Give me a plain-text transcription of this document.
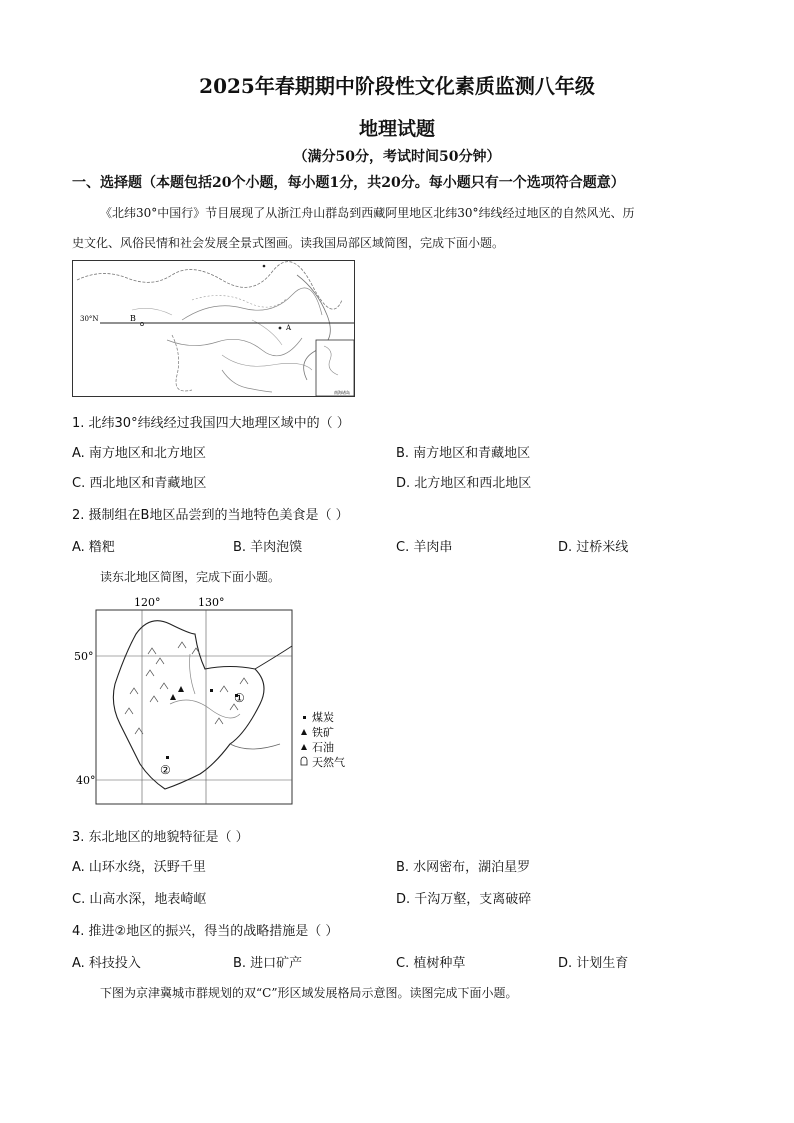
2025年春期期中阶段性文化素质监测八年级
地理试题
（满分50分，考试时间50分钟）
一、选择题（本题包括20个小题，每小题1分，共20分。每小题只有一个选项符合题意）
《北纬30°中国行》节目展现了从浙江舟山群岛到西藏阿里地区北纬30°纬线经过地区的自然风光、历
史文化、风俗民情和社会发展全景式图画。读我国局部区域简图，完成下面小题。
30°N	B
A
南海诸岛
1. 北纬30°纬线经过我国四大地理区域中的（ ）
A. 南方地区和北方地区	B. 南方地区和青藏地区
C. 西北地区和青藏地区	D. 北方地区和西北地区
2. 摄制组在B地区品尝到的当地特色美食是（ ）
A. 糌粑	B. 羊肉泡馍	C. 羊肉串	D. 过桥米线
读东北地区简图，完成下面小题。
120°	130°
50°
40°
①
②
煤炭
铁矿
石油
天然气
3. 东北地区的地貌特征是（ ）
A. 山环水绕，沃野千里	B. 水网密布，湖泊星罗
C. 山高水深，地表崎岖	D. 千沟万壑，支离破碎
4. 推进②地区的振兴，得当的战略措施是（ ）
A. 科技投入	B. 进口矿产	C. 植树种草	D. 计划生育
下图为京津冀城市群规划的双“C”形区域发展格局示意图。读图完成下面小题。
